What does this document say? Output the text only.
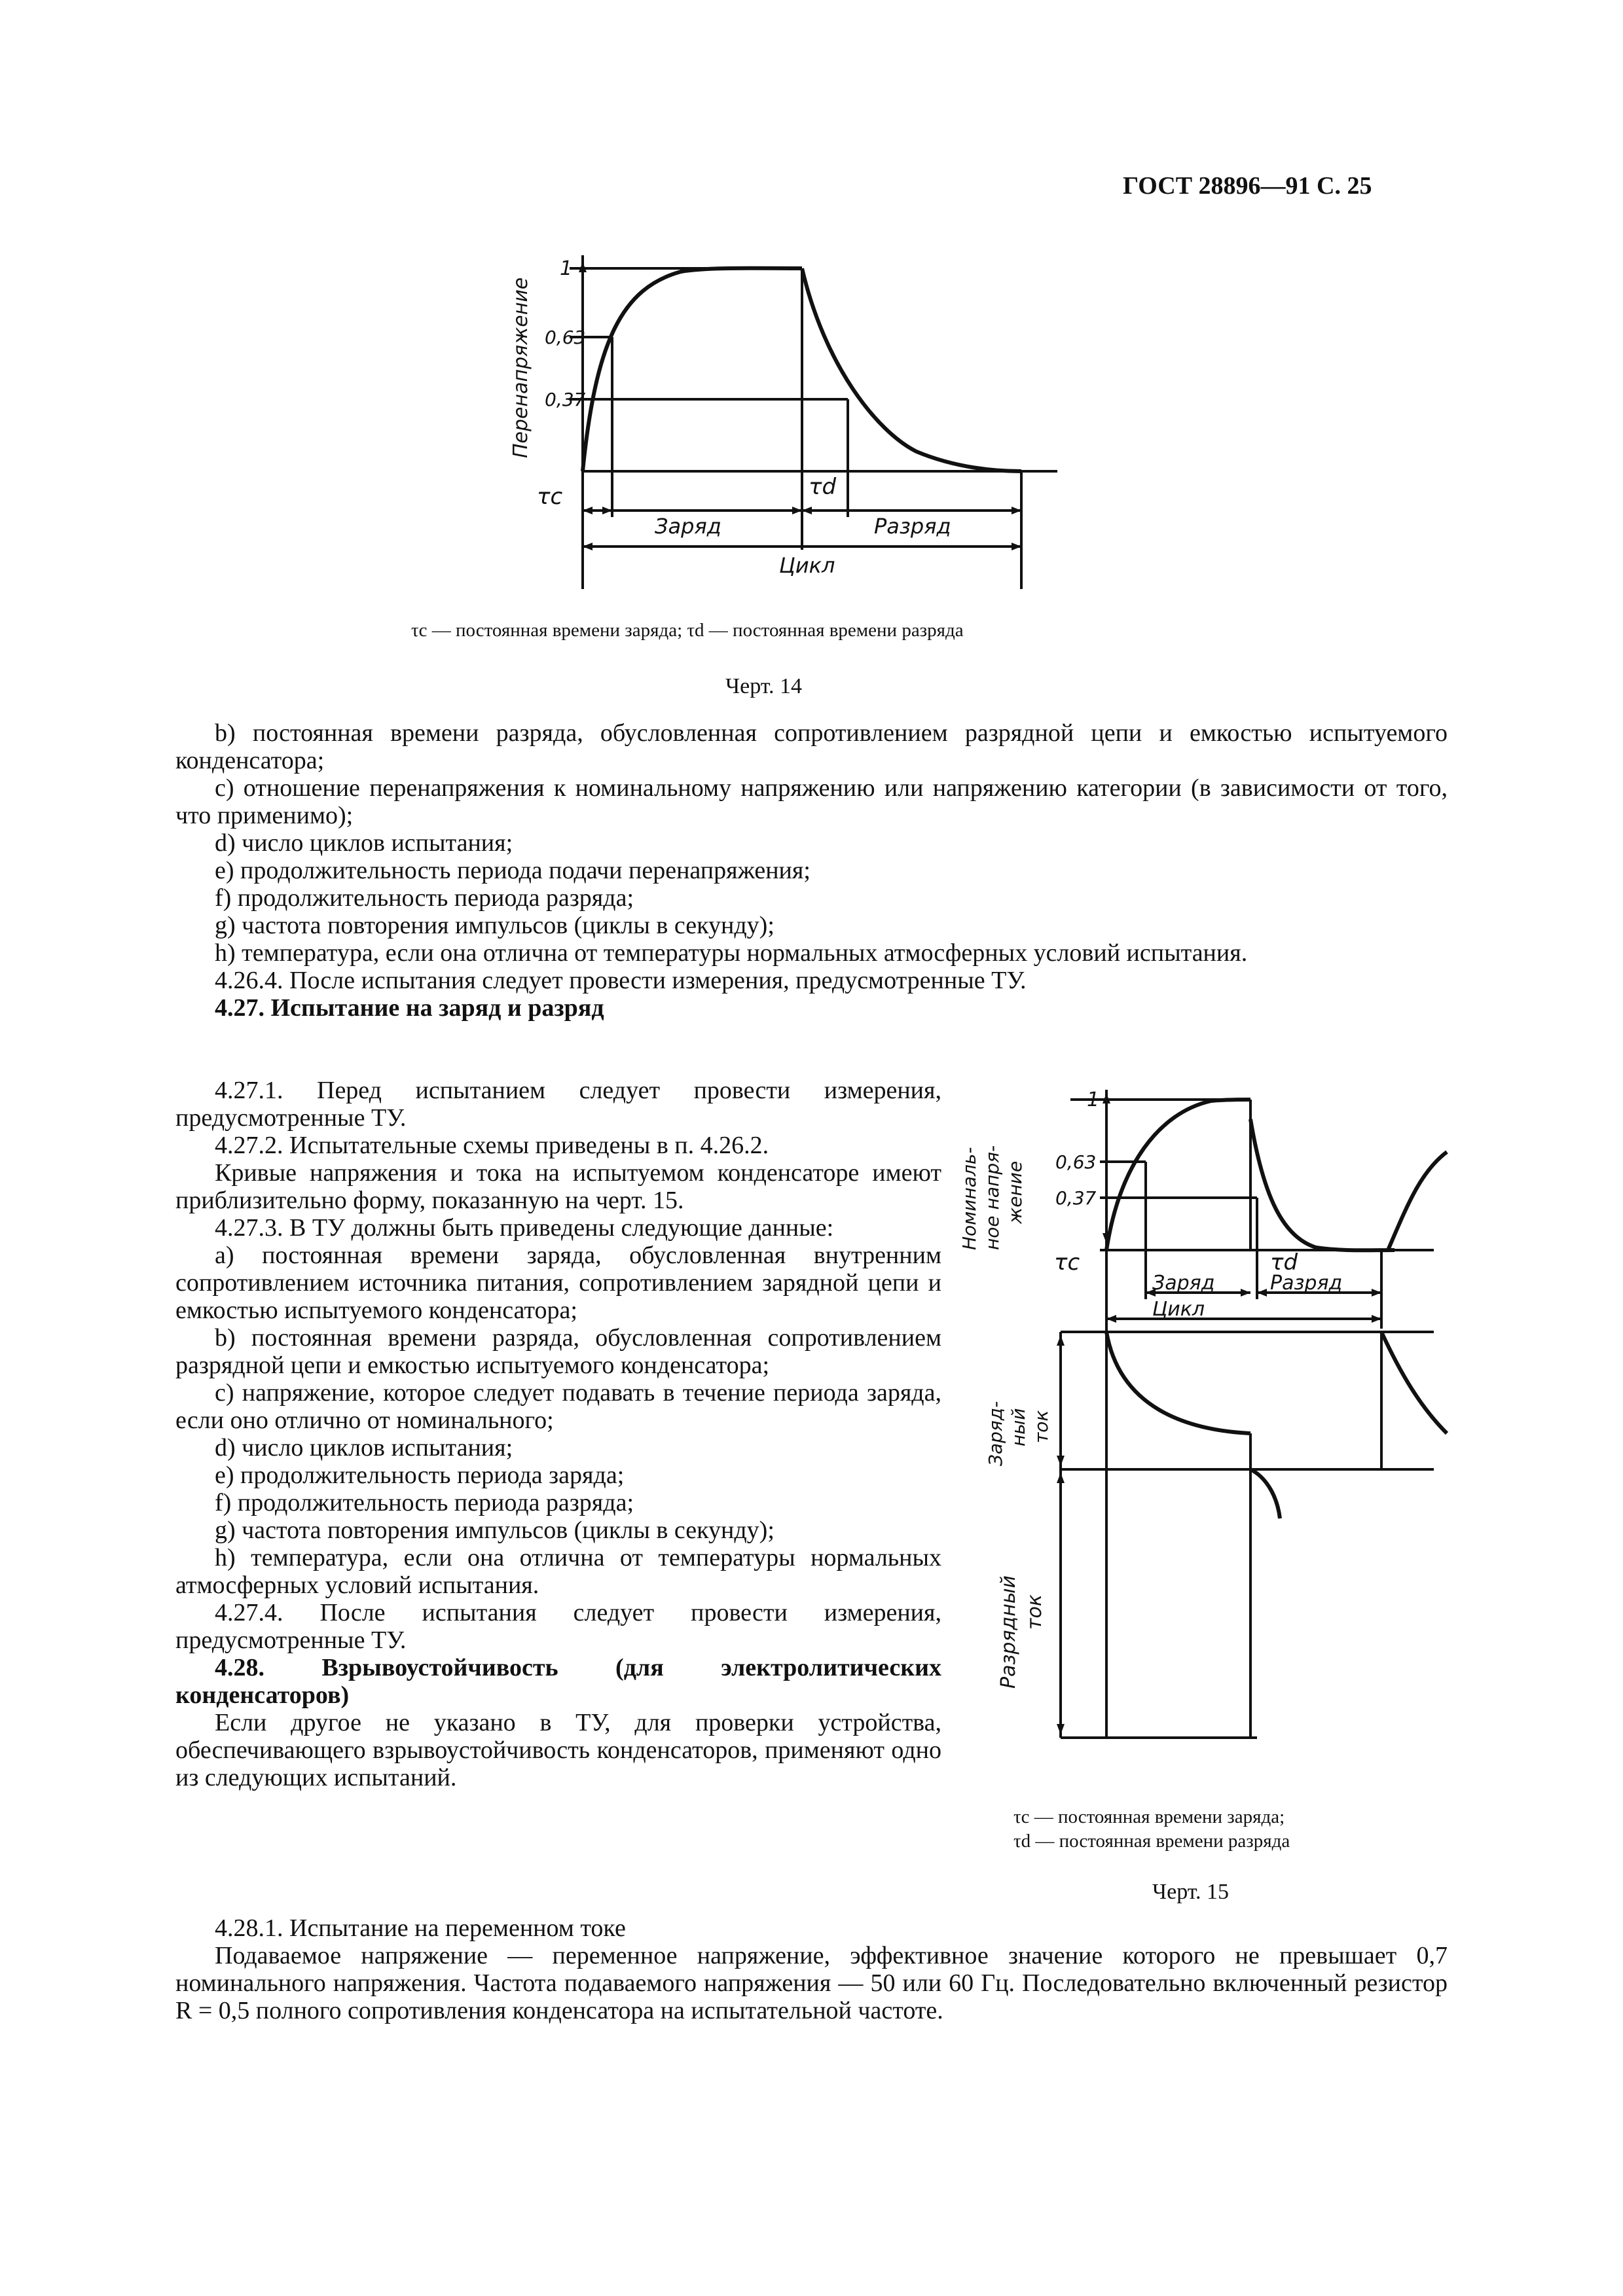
ГОСТ 28896—91 С. 25
Перенапряжение
1
0,63
0,37
τc	τd
Заряд	Разряд
Цикл
τc — постоянная времени заряда; τd — постоянная времени разряда
Черт. 14

b) постоянная времени разряда, обусловленная сопротивлением разрядной цепи и емкостью испытуемого конденсатора;

c) отношение перенапряжения к номинальному напряжению или напряжению категории (в зависимости от того, что применимо);

d) число циклов испытания;

e) продолжительность периода подачи перенапряжения;

f) продолжительность периода разряда;

g) частота повторения импульсов (циклы в секунду);

h) температура, если она отлична от температуры нормальных атмосферных условий испытания.

4.26.4. После испытания следует провести измерения, предусмотренные ТУ.

4.27. Испытание на заряд и разряд

4.27.1. Перед испытанием следует провести измерения, предусмотренные ТУ.

4.27.2. Испытательные схемы приведены в п. 4.26.2.

Кривые напряжения и тока на испытуемом конденсаторе имеют приблизительно форму, показанную на черт. 15.

4.27.3. В ТУ должны быть приведены следующие данные:

а) постоянная времени заряда, обусловленная внутренним сопротивлением источника питания, сопротивлением зарядной цепи и емкостью испытуемого конденсатора;

b) постоянная времени разряда, обусловленная сопротивлением разрядной цепи и емкостью испытуемого конденсатора;

c) напряжение, которое следует подавать в течение периода заряда, если оно отлично от номинального;

d) число циклов испытания;

e) продолжительность периода заряда;

f) продолжительность периода разряда;

g) частота повторения импульсов (циклы в секунду);

h) температура, если она отлична от температуры нормальных атмосферных условий испытания.

4.27.4. После испытания следует провести измерения, предусмотренные ТУ.

4.28. Взрывоустойчивость (для электролитических конденсаторов)

Если другое не указано в ТУ, для проверки устройства, обеспечивающего взрывоустойчивость конденсаторов, применяют одно из следующих испытаний.

4.28.1. Испытание на переменном токе

Подаваемое напряжение — переменное напряжение, эффективное значение которого не превышает 0,7 номинального напряжения. Частота подаваемого напряжения — 50 или 60 Гц. Последовательно включенный резистор R = 0,5 полного сопротивления конденсатора на испытательной частоте.

Номиналь- ное напря- жение
1
0,63
0,37
τc	τd
Заряд	Разряд
Цикл
Заряд- ный ток
Разрядный ток
τc — постоянная времени заряда;
τd — постоянная времени разряда
Черт. 15
